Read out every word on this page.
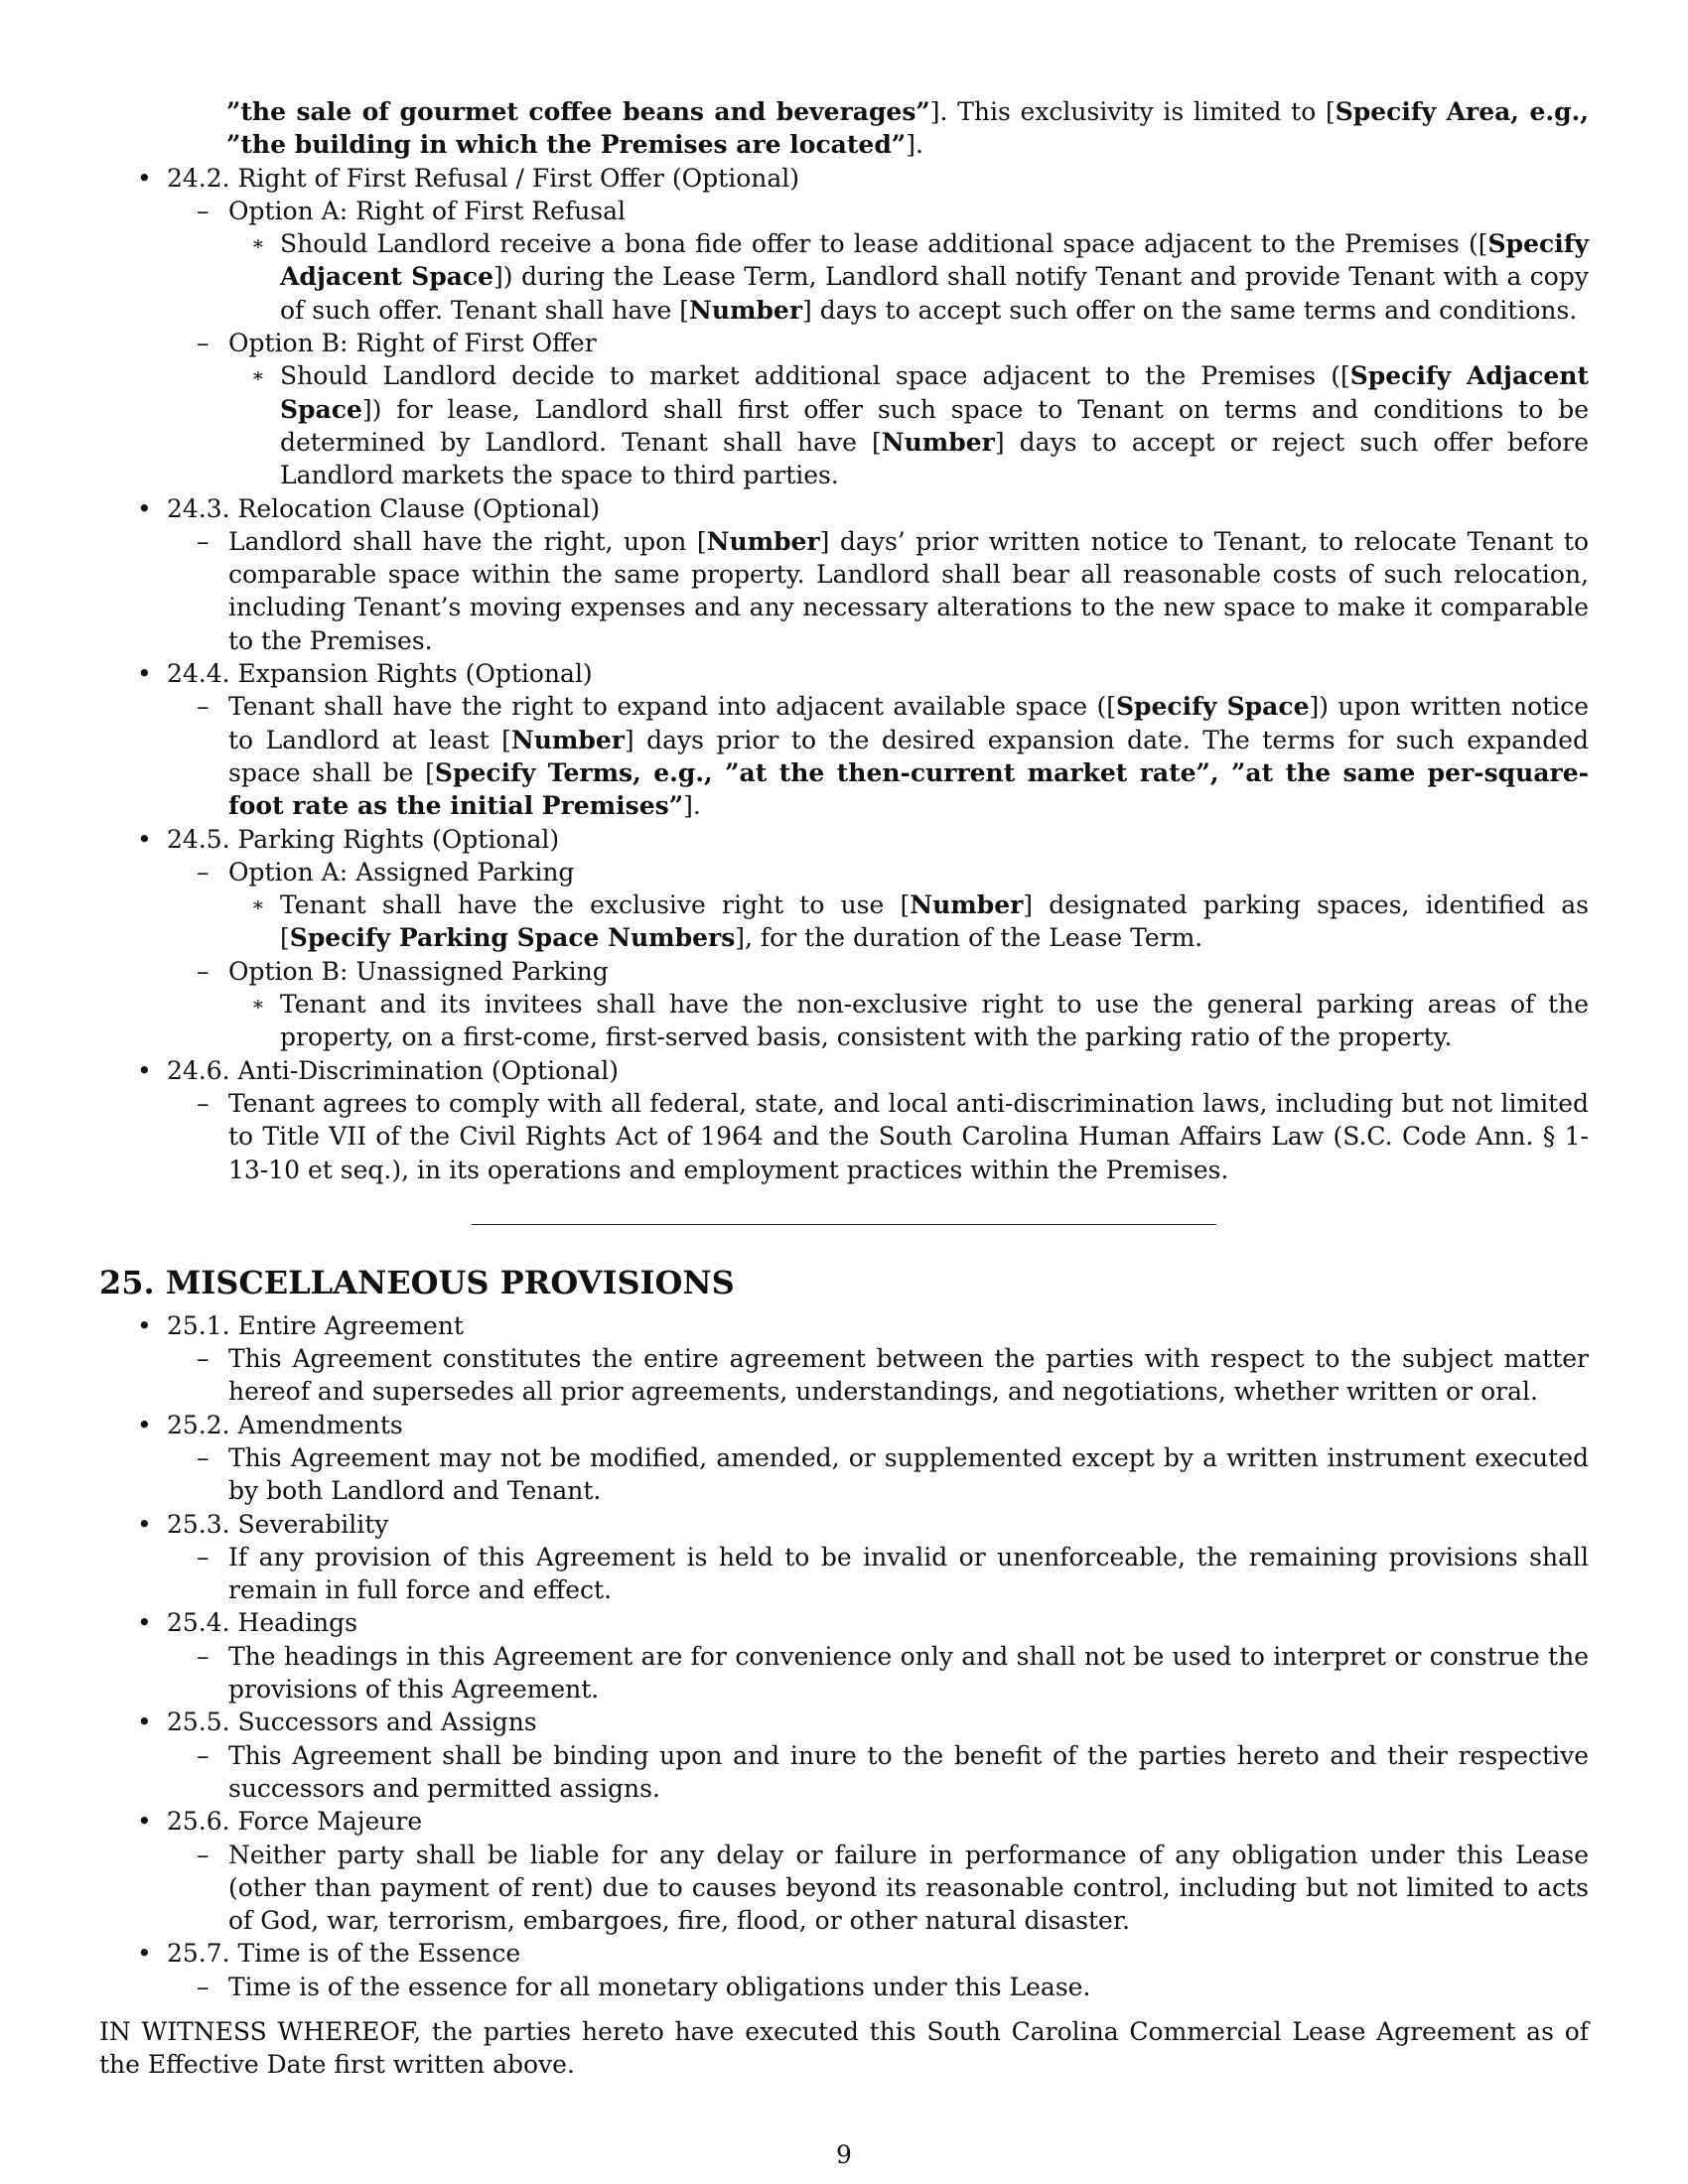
”the sale of gourmet coffee beans and beverages”]. This exclusivity is limited to [Specify Area, e.g., ”the building in which the Premises are located”].
• 24.2. Right of First Refusal / First Offer (Optional)
– Option A: Right of First Refusal
∗ Should Landlord receive a bona fide offer to lease additional space adjacent to the Premises ([Specify Adjacent Space]) during the Lease Term, Landlord shall notify Tenant and provide Tenant with a copy of such offer. Tenant shall have [Number] days to accept such offer on the same terms and conditions.
– Option B: Right of First Offer
∗ Should Landlord decide to market additional space adjacent to the Premises ([Specify Adjacent Space]) for lease, Landlord shall first offer such space to Tenant on terms and conditions to be determined by Landlord. Tenant shall have [Number] days to accept or reject such offer before Landlord markets the space to third parties.
• 24.3. Relocation Clause (Optional)
– Landlord shall have the right, upon [Number] days’ prior written notice to Tenant, to relocate Tenant to comparable space within the same property. Landlord shall bear all reasonable costs of such relocation, including Tenant’s moving expenses and any necessary alterations to the new space to make it comparable to the Premises.
• 24.4. Expansion Rights (Optional)
– Tenant shall have the right to expand into adjacent available space ([Specify Space]) upon written notice to Landlord at least [Number] days prior to the desired expansion date. The terms for such expanded space shall be [Specify Terms, e.g., ”at the then-current market rate”, ”at the same per-square-foot rate as the initial Premises”].
• 24.5. Parking Rights (Optional)
– Option A: Assigned Parking
∗ Tenant shall have the exclusive right to use [Number] designated parking spaces, identified as [Specify Parking Space Numbers], for the duration of the Lease Term.
– Option B: Unassigned Parking
∗ Tenant and its invitees shall have the non-exclusive right to use the general parking areas of the property, on a first-come, first-served basis, consistent with the parking ratio of the property.
• 24.6. Anti-Discrimination (Optional)
– Tenant agrees to comply with all federal, state, and local anti-discrimination laws, including but not limited to Title VII of the Civil Rights Act of 1964 and the South Carolina Human Affairs Law (S.C. Code Ann. § 1-13-10 et seq.), in its operations and employment practices within the Premises.
25. MISCELLANEOUS PROVISIONS
• 25.1. Entire Agreement
– This Agreement constitutes the entire agreement between the parties with respect to the subject matter hereof and supersedes all prior agreements, understandings, and negotiations, whether written or oral.
• 25.2. Amendments
– This Agreement may not be modified, amended, or supplemented except by a written instrument executed by both Landlord and Tenant.
• 25.3. Severability
– If any provision of this Agreement is held to be invalid or unenforceable, the remaining provisions shall remain in full force and effect.
• 25.4. Headings
– The headings in this Agreement are for convenience only and shall not be used to interpret or construe the provisions of this Agreement.
• 25.5. Successors and Assigns
– This Agreement shall be binding upon and inure to the benefit of the parties hereto and their respective successors and permitted assigns.
• 25.6. Force Majeure
– Neither party shall be liable for any delay or failure in performance of any obligation under this Lease (other than payment of rent) due to causes beyond its reasonable control, including but not limited to acts of God, war, terrorism, embargoes, fire, flood, or other natural disaster.
• 25.7. Time is of the Essence
– Time is of the essence for all monetary obligations under this Lease.
IN WITNESS WHEREOF, the parties hereto have executed this South Carolina Commercial Lease Agreement as of the Effective Date first written above.
9
